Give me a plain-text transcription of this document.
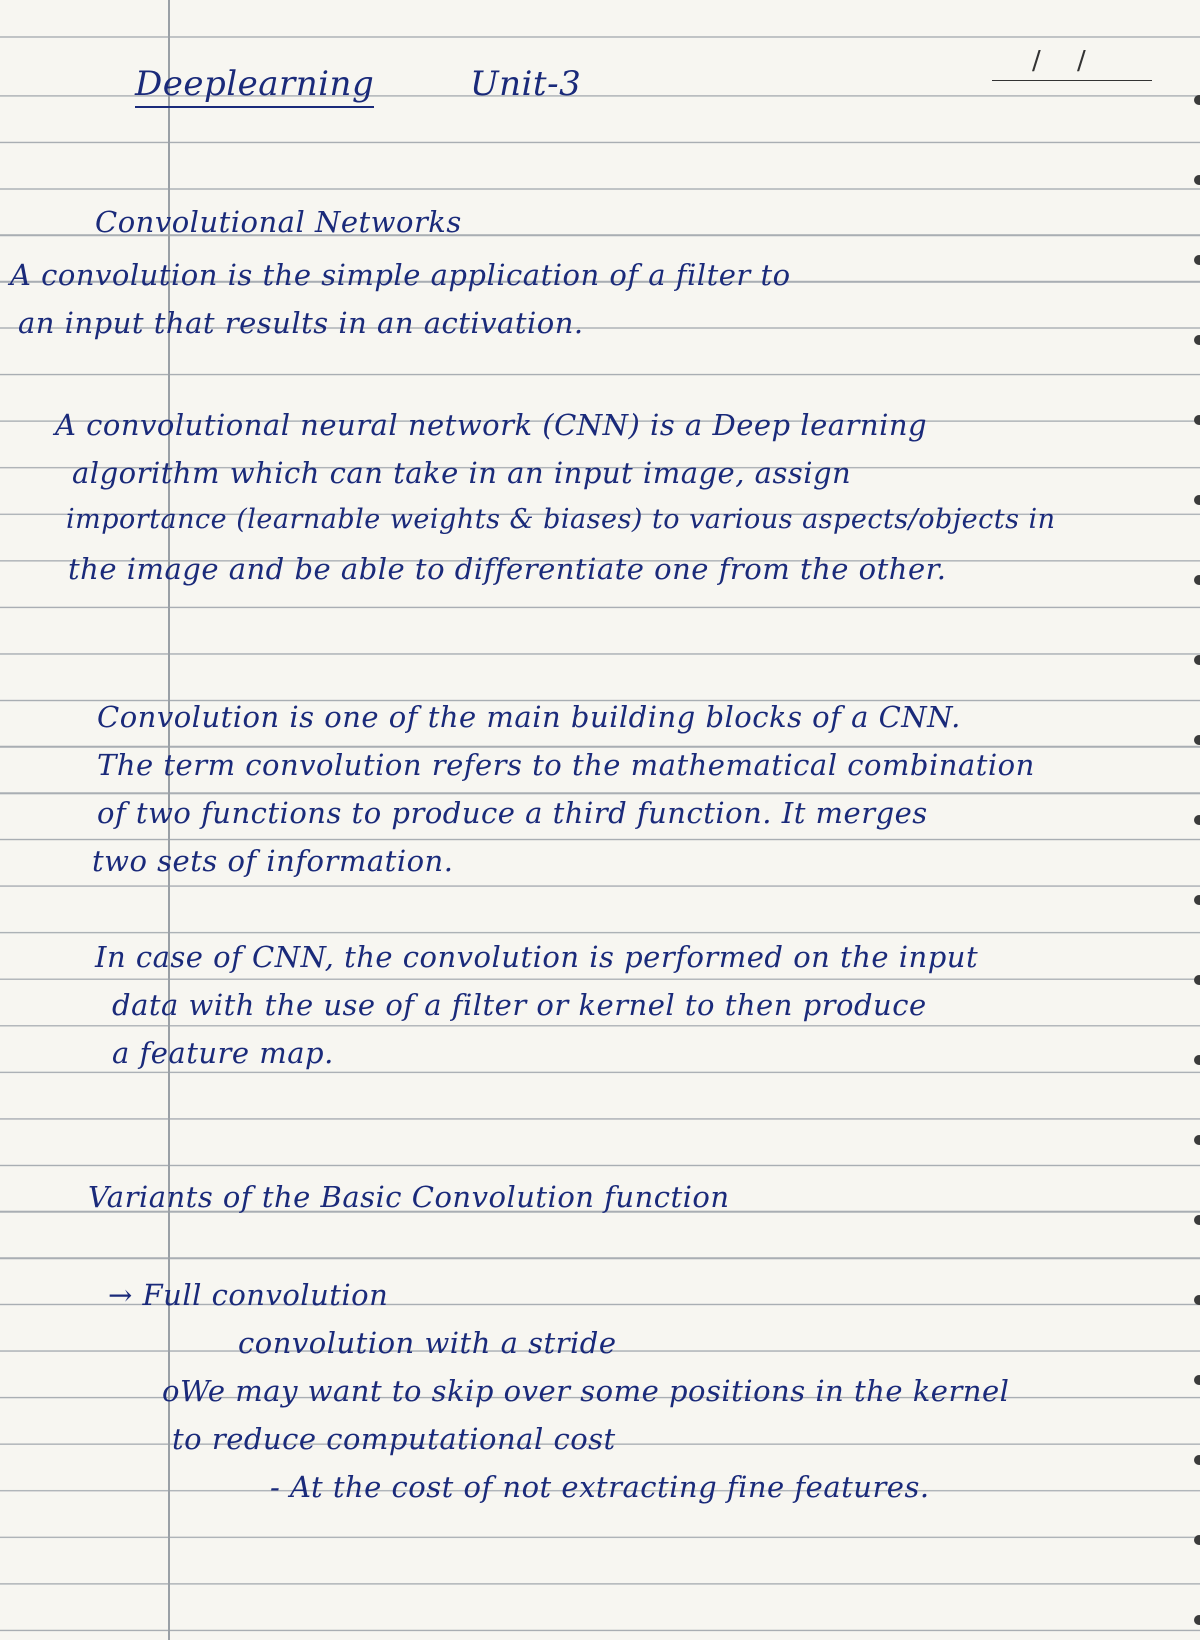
/ /
Deeplearning	Unit-3
Convolutional Networks
A convolution is the simple application of a filter to
an input that results in an activation.
A convolutional neural network (CNN) is a Deep learning
algorithm which can take in an input image, assign
importance (learnable weights & biases) to various aspects/objects in
the image and be able to differentiate one from the other.
Convolution is one of the main building blocks of a CNN.
The term convolution refers to the mathematical combination
of two functions to produce a third function. It merges
two sets of information.
In case of CNN, the convolution is performed on the input
data with the use of a filter or kernel to then produce
a feature map.
Variants of the Basic Convolution function
→ Full convolution
convolution with a stride
oWe may want to skip over some positions in the kernel
to reduce computational cost
- At the cost of not extracting fine features.
